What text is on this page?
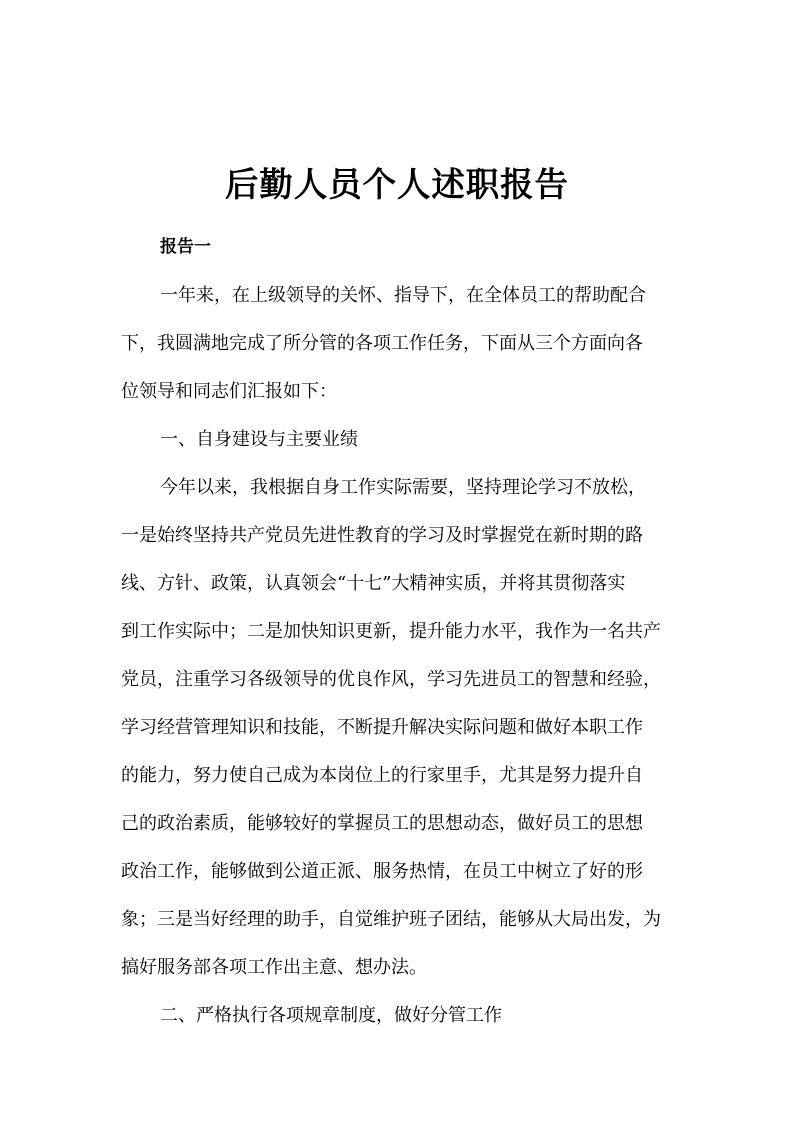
后勤人员个人述职报告
报告一
一年来，在上级领导的关怀、指导下，在全体员工的帮助配合
下，我圆满地完成了所分管的各项工作任务，下面从三个方面向各
位领导和同志们汇报如下：
一、自身建设与主要业绩
今年以来，我根据自身工作实际需要，坚持理论学习不放松，
一是始终坚持共产党员先进性教育的学习及时掌握党在新时期的路
线、方针、政策，认真领会“十七”大精神实质，并将其贯彻落实
到工作实际中；二是加快知识更新，提升能力水平，我作为一名共产
党员，注重学习各级领导的优良作风，学习先进员工的智慧和经验，
学习经营管理知识和技能，不断提升解决实际问题和做好本职工作
的能力，努力使自己成为本岗位上的行家里手，尤其是努力提升自
己的政治素质，能够较好的掌握员工的思想动态，做好员工的思想
政治工作，能够做到公道正派、服务热情，在员工中树立了好的形
象；三是当好经理的助手，自觉维护班子团结，能够从大局出发，为
搞好服务部各项工作出主意、想办法。
二、严格执行各项规章制度，做好分管工作
